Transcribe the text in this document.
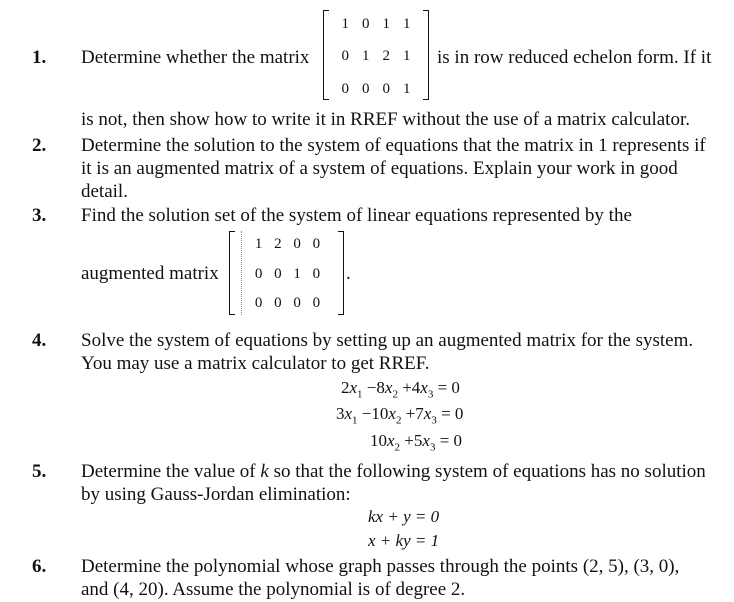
1. Determine whether the matrix
1 0 1 1
0 1 2 1
0 0 0 1
is in row reduced echelon form. If it
is not, then show how to write it in RREF without the use of a matrix calculator.
2. Determine the solution to the system of equations that the matrix in 1 represents if
it is an augmented matrix of a system of equations. Explain your work in good
detail.
3. Find the solution set of the system of linear equations represented by the
augmented matrix
1 2 0 0
0 0 1 0
0 0 0 0
.
4. Solve the system of equations by setting up an augmented matrix for the system.
You may use a matrix calculator to get RREF.
$2x_1 -8x_2 +4x_3 = 0$
$3x_1 -10x_2 +7x_3 = 0$
$10x_2 +5x_3 = 0$
5. Determine the value of k so that the following system of equations has no solution
by using Gauss-Jordan elimination:
kx + y = 0
x + ky = 1
6. Determine the polynomial whose graph passes through the points (2, 5), (3, 0),
and (4, 20). Assume the polynomial is of degree 2.
